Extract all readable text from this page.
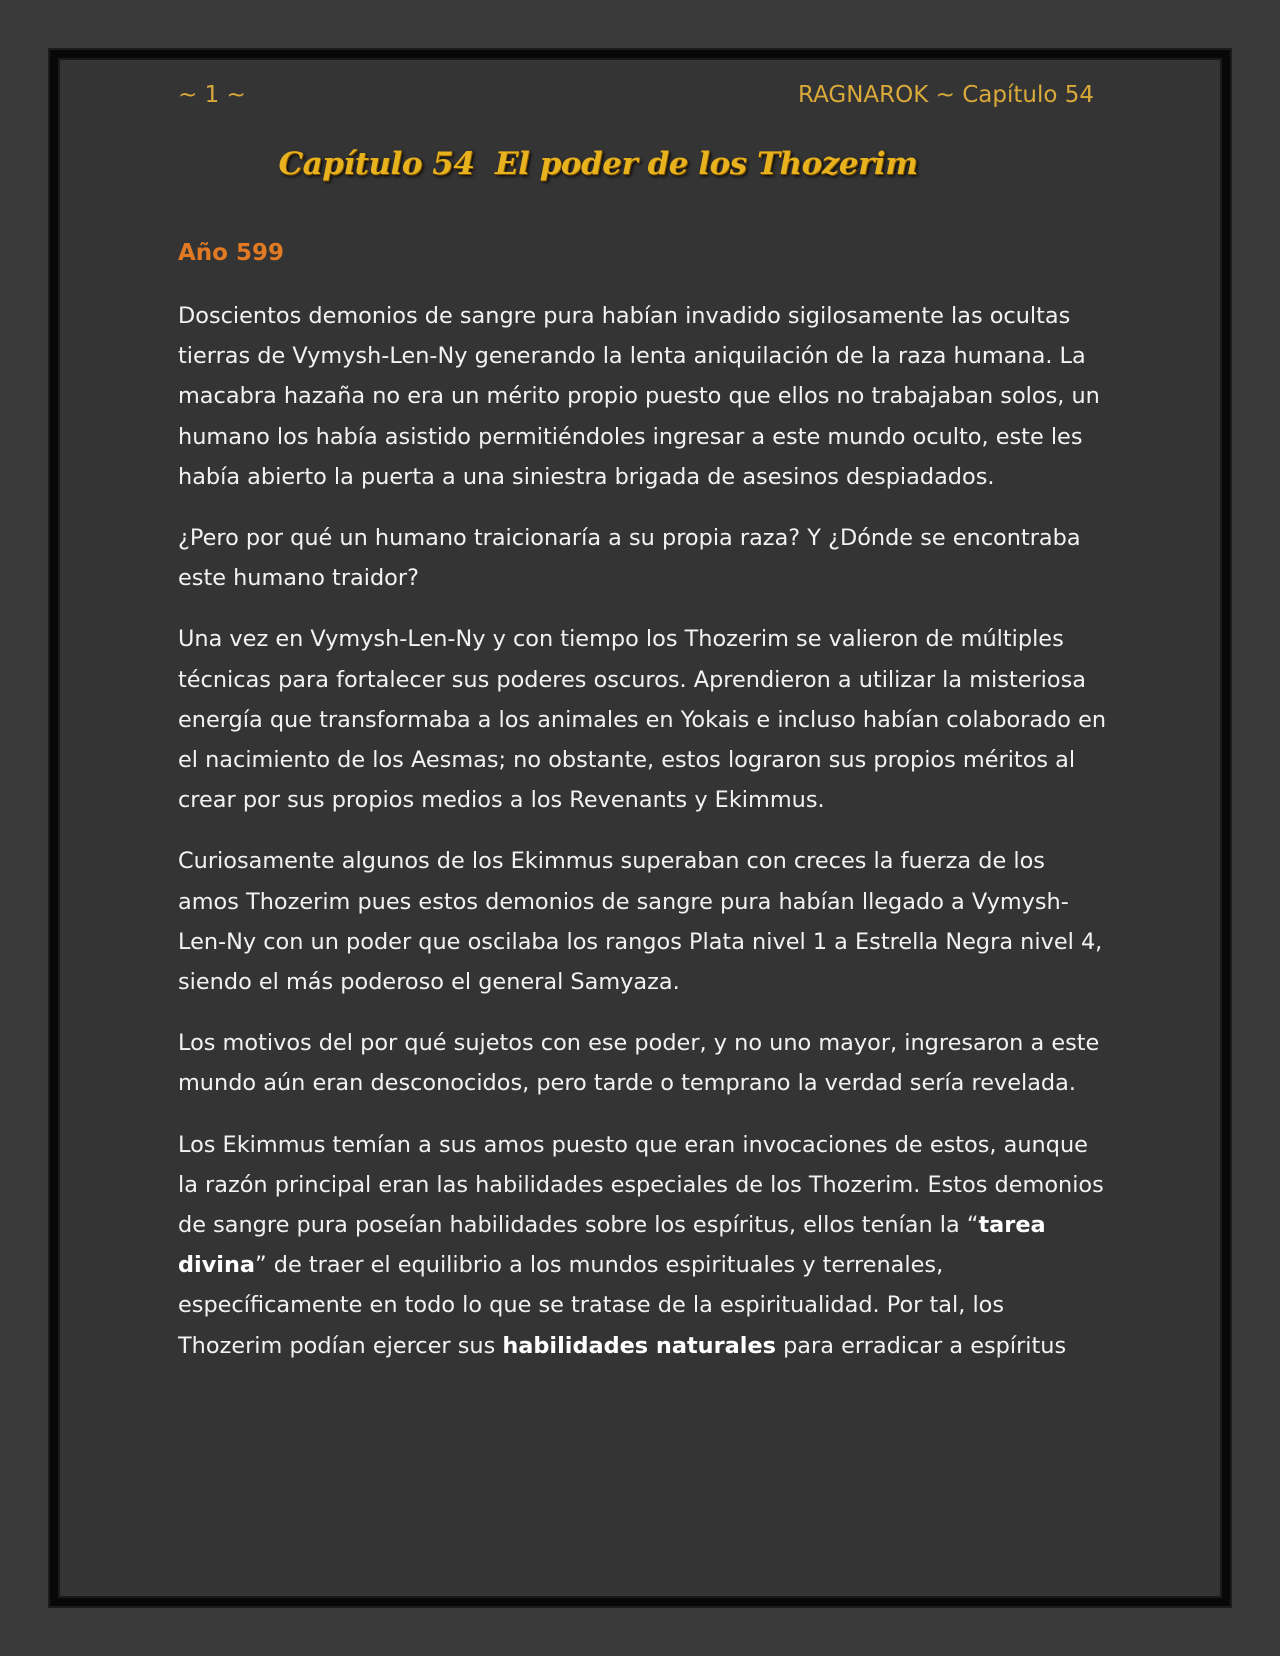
~ 1 ~	RAGNAROK ~ Capítulo 54
Capítulo 54  El poder de los Thozerim
Año 599

Doscientos demonios de sangre pura habían invadido sigilosamente las ocultas tierras de Vymysh-Len-Ny generando la lenta aniquilación de la raza humana. La macabra hazaña no era un mérito propio puesto que ellos no trabajaban solos, un humano los había asistido permitiéndoles ingresar a este mundo oculto, este les había abierto la puerta a una siniestra brigada de asesinos despiadados.

¿Pero por qué un humano traicionaría a su propia raza? Y ¿Dónde se encontraba este humano traidor?

Una vez en Vymysh-Len-Ny y con tiempo los Thozerim se valieron de múltiples técnicas para fortalecer sus poderes oscuros. Aprendieron a utilizar la misteriosa energía que transformaba a los animales en Yokais e incluso habían colaborado en el nacimiento de los Aesmas; no obstante, estos lograron sus propios méritos al crear por sus propios medios a los Revenants y Ekimmus.

Curiosamente algunos de los Ekimmus superaban con creces la fuerza de los amos Thozerim pues estos demonios de sangre pura habían llegado a Vymysh-Len-Ny con un poder que oscilaba los rangos Plata nivel 1 a Estrella Negra nivel 4, siendo el más poderoso el general Samyaza.

Los motivos del por qué sujetos con ese poder, y no uno mayor, ingresaron a este mundo aún eran desconocidos, pero tarde o temprano la verdad sería revelada.

Los Ekimmus temían a sus amos puesto que eran invocaciones de estos, aunque la razón principal eran las habilidades especiales de los Thozerim. Estos demonios de sangre pura poseían habilidades sobre los espíritus, ellos tenían la “tarea divina” de traer el equilibrio a los mundos espirituales y terrenales, específicamente en todo lo que se tratase de la espiritualidad. Por tal, los Thozerim podían ejercer sus habilidades naturales para erradicar a espíritus
